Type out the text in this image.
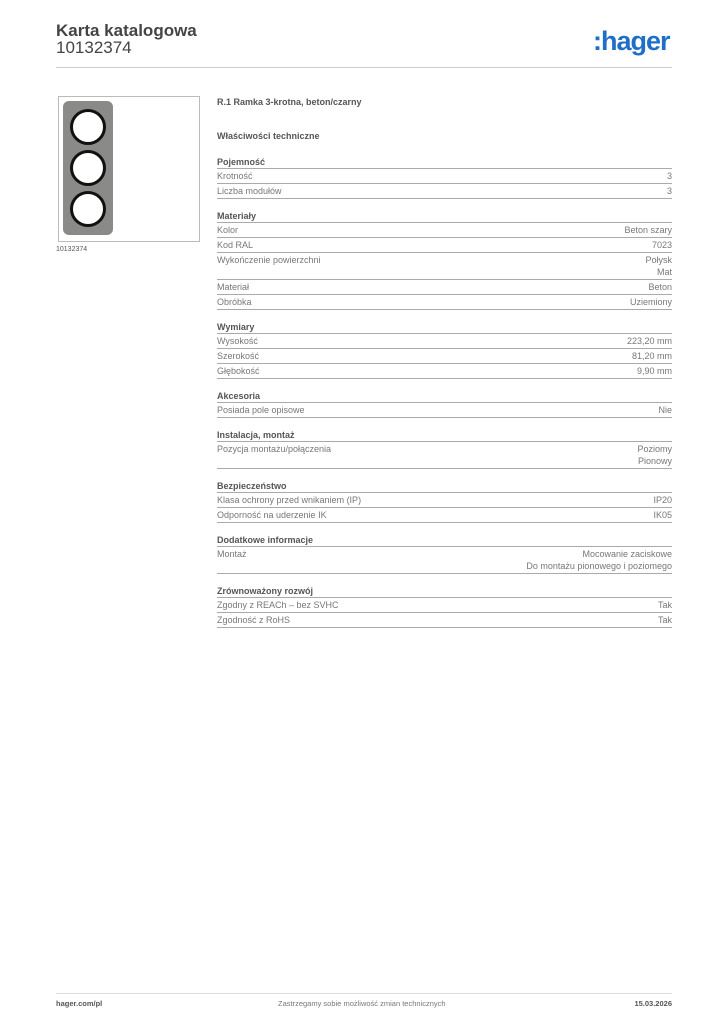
Karta katalogowa
10132374	:hager
10132374
R.1 Ramka 3-krotna, beton/czarny
Właściwości techniczne
Pojemność
Krotność	3
Liczba modułów	3
Materiały
Kolor	Beton szary
Kod RAL	7023
Wykończenie powierzchni	Połysk
Mat
Materiał	Beton
Obróbka	Uziemiony
Wymiary
Wysokość	223,20 mm
Szerokość	81,20 mm
Głębokość	9,90 mm
Akcesoria
Posiada pole opisowe	Nie
Instalacja, montaż
Pozycja montażu/połączenia	Poziomy
Pionowy
Bezpieczeństwo
Klasa ochrony przed wnikaniem (IP)	IP20
Odporność na uderzenie IK	IK05
Dodatkowe informacje
Montaż	Mocowanie zaciskowe
Do montażu pionowego i poziomego
Zrównoważony rozwój
Zgodny z REACh – bez SVHC	Tak
Zgodność z RoHS	Tak
hager.com/pl	Zastrzegamy sobie możliwość zmian technicznych	15.03.2026
